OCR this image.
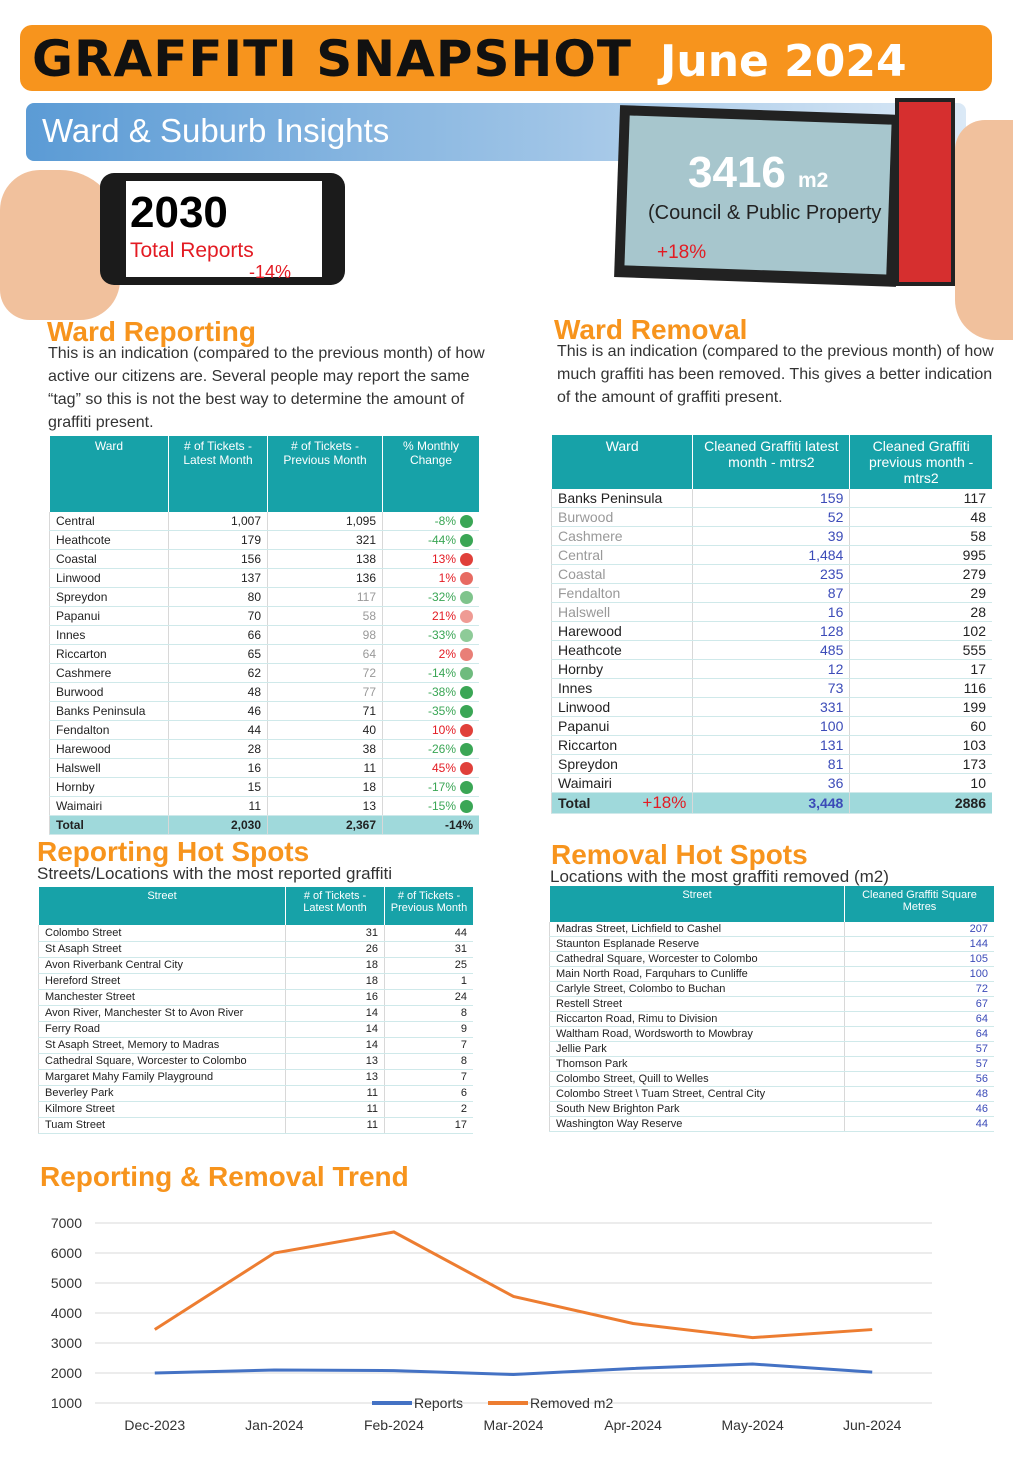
GRAFFITI SNAPSHOT June 2024
Ward & Suburb Insights
2030
Total Reports
-14%
3416 m2
(Council & Public Property
+18%
Ward Reporting
This is an indication (compared to the previous month) of how active our citizens are. Several people may report the same “tag” so this is not the best way to determine the amount of graffiti present.
Ward	# of Tickets - Latest Month	# of Tickets - Previous Month	% Monthly Change
Central	1,007	1,095	-8%
Heathcote	179	321	-44%
Coastal	156	138	13%
Linwood	137	136	1%
Spreydon	80	117	-32%
Papanui	70	58	21%
Innes	66	98	-33%
Riccarton	65	64	2%
Cashmere	62	72	-14%
Burwood	48	77	-38%
Banks Peninsula	46	71	-35%
Fendalton	44	40	10%
Harewood	28	38	-26%
Halswell	16	11	45%
Hornby	15	18	-17%
Waimairi	11	13	-15%
Total	2,030	2,367	-14%
Ward Removal
This is an indication (compared to the previous month) of how much graffiti has been removed. This gives a better indication of the amount of graffiti present.
Ward	Cleaned Graffiti latest month - mtrs2	Cleaned Graffiti previous month - mtrs2
Banks Peninsula	159	117
Burwood	52	48
Cashmere	39	58
Central	1,484	995
Coastal	235	279
Fendalton	87	29
Halswell	16	28
Harewood	128	102
Heathcote	485	555
Hornby	12	17
Innes	73	116
Linwood	331	199
Papanui	100	60
Riccarton	131	103
Spreydon	81	173
Waimairi	36	10
Total +18%	3,448	2886
Reporting Hot Spots
Streets/Locations with the most reported graffiti
Street	# of Tickets - Latest Month	# of Tickets - Previous Month
Colombo Street	31	44
St Asaph Street	26	31
Avon Riverbank Central City	18	25
Hereford Street	18	1
Manchester Street	16	24
Avon River, Manchester St to Avon River	14	8
Ferry Road	14	9
St Asaph Street, Memory to Madras	14	7
Cathedral Square, Worcester to Colombo	13	8
Margaret Mahy Family Playground	13	7
Beverley Park	11	6
Kilmore Street	11	2
Tuam Street	11	17
Removal Hot Spots
Locations with the most graffiti removed (m2)
Street	Cleaned Graffiti Square Metres
Madras Street, Lichfield to Cashel	207
Staunton Esplanade Reserve	144
Cathedral Square, Worcester to Colombo	105
Main North Road, Farquhars to Cunliffe	100
Carlyle Street, Colombo to Buchan	72
Restell Street	67
Riccarton Road, Rimu to Division	64
Waltham Road, Wordsworth to Mowbray	64
Jellie Park	57
Thomson Park	57
Colombo Street, Quill to Welles	56
Colombo Street \ Tuam Street, Central City	48
South New Brighton Park	46
Washington Way Reserve	44
Reporting & Removal Trend
1000
2000
3000
4000
5000
6000
7000
Dec-2023	Jan-2024	Feb-2024	Mar-2024	Apr-2024	May-2024	Jun-2024
Reports	Removed m2
